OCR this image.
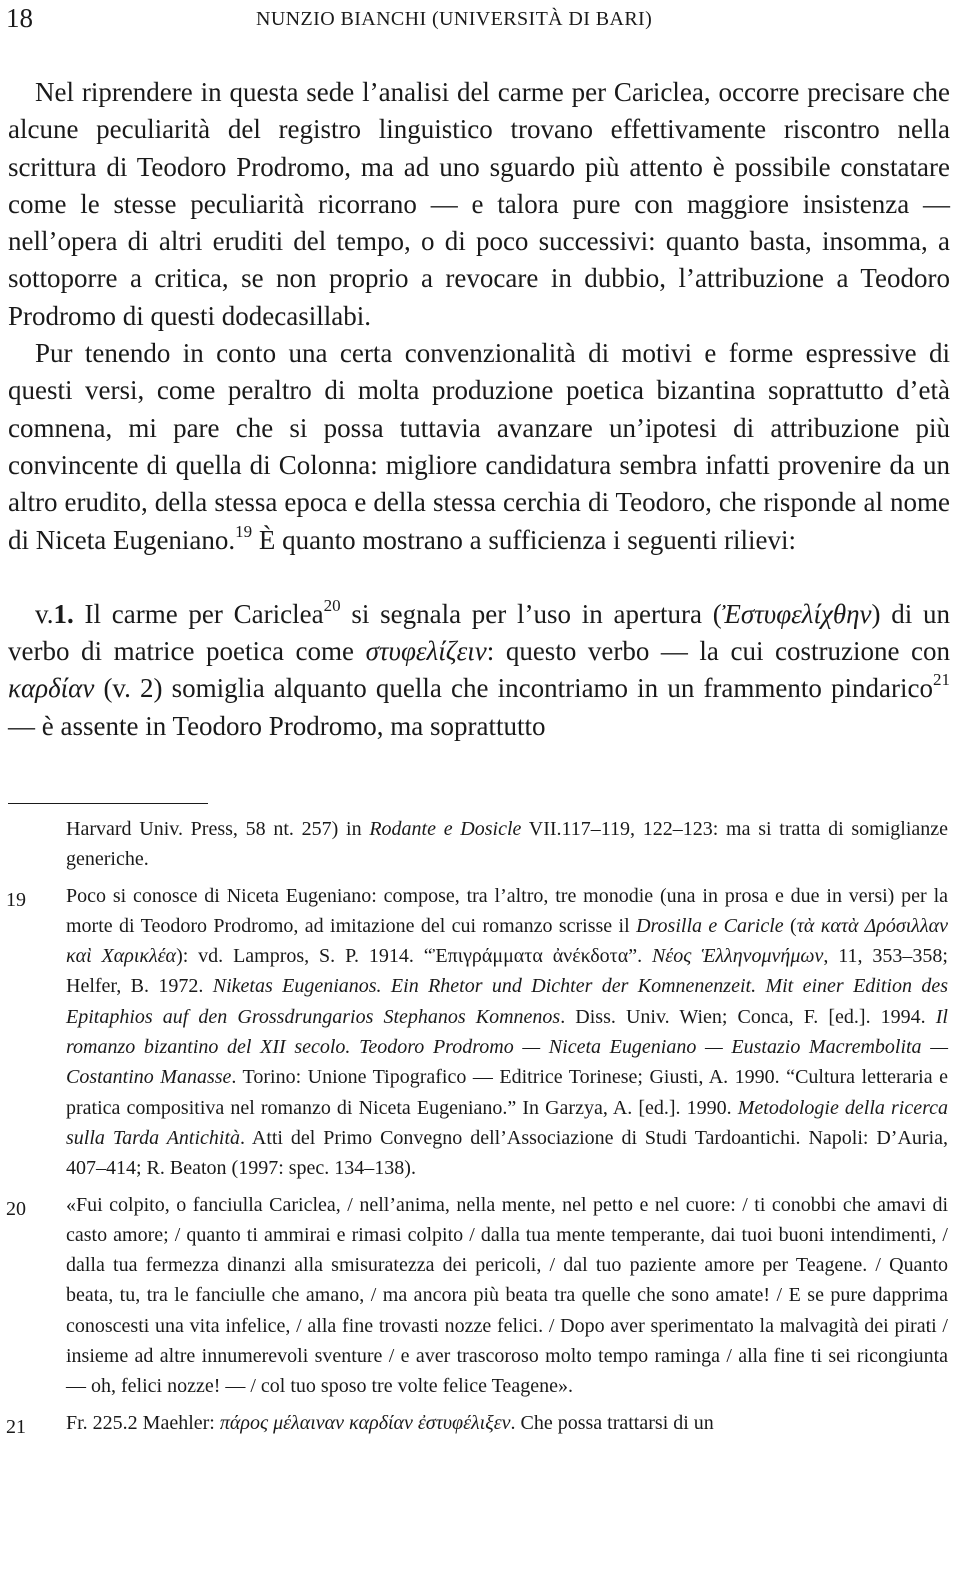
18	NUNZIO BIANCHI (UNIVERSITÀ DI BARI)

Nel riprendere in questa sede l’analisi del carme per Cariclea, occorre precisare che alcune peculiarità del registro linguistico trovano effettivamente riscontro nella scrittura di Teodoro Prodromo, ma ad uno sguardo più attento è possibile constatare come le stesse peculiarità ricorrano — e talora pure con maggiore insistenza — nell’opera di altri eruditi del tempo, o di poco successivi: quanto basta, insomma, a sottoporre a critica, se non proprio a revocare in dubbio, l’attribuzione a Teodoro Prodromo di questi dodecasillabi.

Pur tenendo in conto una certa convenzionalità di motivi e forme espressive di questi versi, come peraltro di molta produzione poetica bizantina soprattutto d’età comnena, mi pare che si possa tuttavia avanzare un’ipotesi di attribuzione più convincente di quella di Colonna: migliore candidatura sembra infatti provenire da un altro erudito, della stessa epoca e della stessa cerchia di Teodoro, che risponde al nome di Niceta Eugeniano.$^{19}$ È quanto mostrano a sufficienza i seguenti rilievi:

v.1. Il carme per Cariclea$^{20}$ si segnala per l’uso in apertura (Ἐστυφελίχθην) di un verbo di matrice poetica come στυφελίζειν: questo verbo — la cui costruzione con καρδίαν (v. 2) somiglia alquanto quella che incontriamo in un frammento pindarico$^{21}$ — è assente in Teodoro Prodromo, ma soprattutto

Harvard Univ. Press, 58 nt. 257) in Rodante e Dosicle VII.117–119, 122–123: ma si tratta di somiglianze generiche.
19 Poco si conosce di Niceta Eugeniano: compose, tra l’altro, tre monodie (una in prosa e due in versi) per la morte di Teodoro Prodromo, ad imitazione del cui romanzo scrisse il Drosilla e Caricle (τὰ κατὰ Δρόσιλλαν καὶ Χαρικλέα): vd. Lampros, S. P. 1914. “Ἐπιγράμματα ἀνέκδοτα”. Νέος Ἑλληνομνήμων, 11, 353–358; Helfer, B. 1972. Niketas Eugenianos. Ein Rhetor und Dichter der Komnenenzeit. Mit einer Edition des Epitaphios auf den Grossdrungarios Stephanos Komnenos. Diss. Univ. Wien; Conca, F. [ed.]. 1994. Il romanzo bizantino del XII secolo. Teodoro Prodromo — Niceta Eugeniano — Eustazio Macrembolita — Costantino Manasse. Torino: Unione Tipografico — Editrice Torinese; Giusti, A. 1990. “Cultura letteraria e pratica compositiva nel romanzo di Niceta Eugeniano.” In Garzya, A. [ed.]. 1990. Metodologie della ricerca sulla Tarda Antichità. Atti del Primo Convegno dell’Associazione di Studi Tardoantichi. Napoli: D’Auria, 407–414; R. Beaton (1997: spec. 134–138).
20 «Fui colpito, o fanciulla Cariclea, / nell’anima, nella mente, nel petto e nel cuore: / ti conobbi che amavi di casto amore; / quanto ti ammirai e rimasi colpito / dalla tua mente temperante, dai tuoi buoni intendimenti, / dalla tua fermezza dinanzi alla smisuratezza dei pericoli, / dal tuo paziente amore per Teagene. / Quanto beata, tu, tra le fanciulle che amano, / ma ancora più beata tra quelle che sono amate! / E se pure dapprima conoscesti una vita infelice, / alla fine trovasti nozze felici. / Dopo aver sperimentato la malvagità dei pirati / insieme ad altre innumerevoli sventure / e aver trascoroso molto tempo raminga / alla fine ti sei ricongiunta — oh, felici nozze! — / col tuo sposo tre volte felice Teagene».
21 Fr. 225.2 Maehler: πάρος μέλαιναν καρδίαν ἐστυφέλιξεν. Che possa trattarsi di un
